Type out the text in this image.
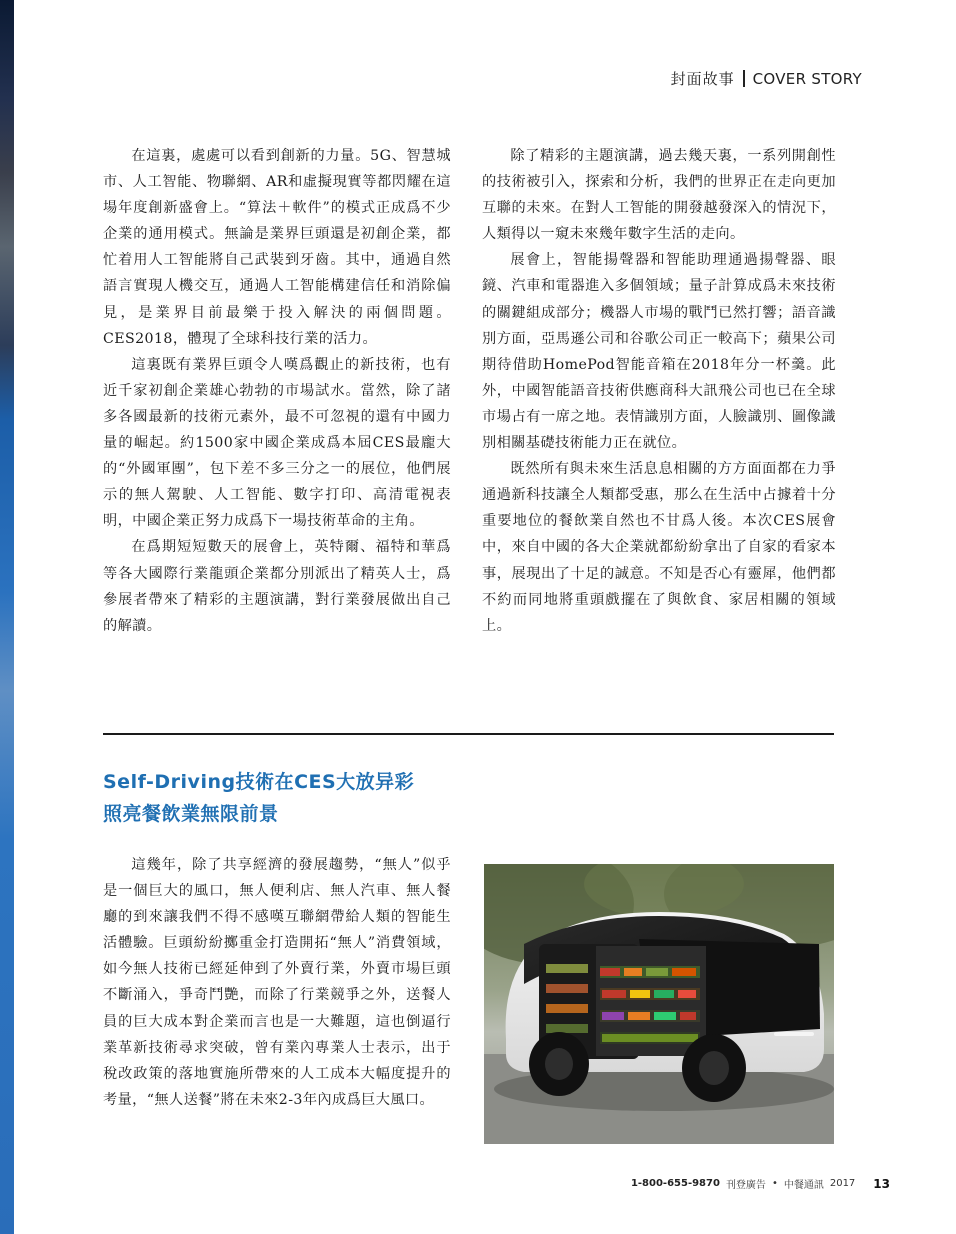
封面故事 COVER STORY

在這裏，處處可以看到創新的力量。5G、智慧城市、人工智能、物聯網、AR和虛擬現實等都閃耀在這場年度創新盛會上。“算法＋軟件”的模式正成爲不少企業的通用模式。無論是業界巨頭還是初創企業，都忙着用人工智能將自己武裝到牙齒。其中，通過自然語言實現人機交互，通過人工智能構建信任和消除偏見，是業界目前最樂于投入解決的兩個問題。CES2018，體現了全球科技行業的活力。

這裏既有業界巨頭令人嘆爲觀止的新技術，也有近千家初創企業雄心勃勃的市場試水。當然，除了諸多各國最新的技術元素外，最不可忽視的還有中國力量的崛起。約1500家中國企業成爲本屆CES最龐大的“外國軍團”，包下差不多三分之一的展位，他們展示的無人駕駛、人工智能、數字打印、高清電視表明，中國企業正努力成爲下一場技術革命的主角。

在爲期短短數天的展會上，英特爾、福特和華爲等各大國際行業龍頭企業都分別派出了精英人士，爲參展者帶來了精彩的主題演講，對行業發展做出自己的解讀。

除了精彩的主題演講，過去幾天裏，一系列開創性的技術被引入，探索和分析，我們的世界正在走向更加互聯的未來。在對人工智能的開發越發深入的情況下，人類得以一窺未來幾年數字生活的走向。

展會上，智能揚聲器和智能助理通過揚聲器、眼鏡、汽車和電器進入多個領域；量子計算成爲未來技術的關鍵組成部分；機器人市場的戰鬥已然打響；語音識別方面，亞馬遜公司和谷歌公司正一較高下；蘋果公司期待借助HomePod智能音箱在2018年分一杯羹。此外，中國智能語音技術供應商科大訊飛公司也已在全球市場占有一席之地。表情識別方面，人臉識別、圖像識別相關基礎技術能力正在就位。

既然所有與未來生活息息相關的方方面面都在力爭通過新科技讓全人類都受惠，那么在生活中占據着十分重要地位的餐飲業自然也不甘爲人後。本次CES展會中，來自中國的各大企業就都紛紛拿出了自家的看家本事，展現出了十足的誠意。不知是否心有靈犀，他們都不約而同地將重頭戲擺在了與飲食、家居相關的領域上。

Self-Driving技術在CES大放异彩
照亮餐飲業無限前景

這幾年，除了共享經濟的發展趨勢，“無人”似乎是一個巨大的風口，無人便利店、無人汽車、無人餐廳的到來讓我們不得不感嘆互聯網帶給人類的智能生活體驗。巨頭紛紛擲重金打造開拓“無人”消費領域，如今無人技術已經延伸到了外賣行業，外賣市場巨頭不斷涌入，爭奇鬥艷，而除了行業競爭之外，送餐人員的巨大成本對企業而言也是一大難題，這也倒逼行業革新技術尋求突破，曾有業內專業人士表示，出于稅改政策的落地實施所帶來的人工成本大幅度提升的考量，“無人送餐”將在未來2-3年內成爲巨大風口。

1-800-655-9870 刊登廣告 • 中餐通訊 2017 13
